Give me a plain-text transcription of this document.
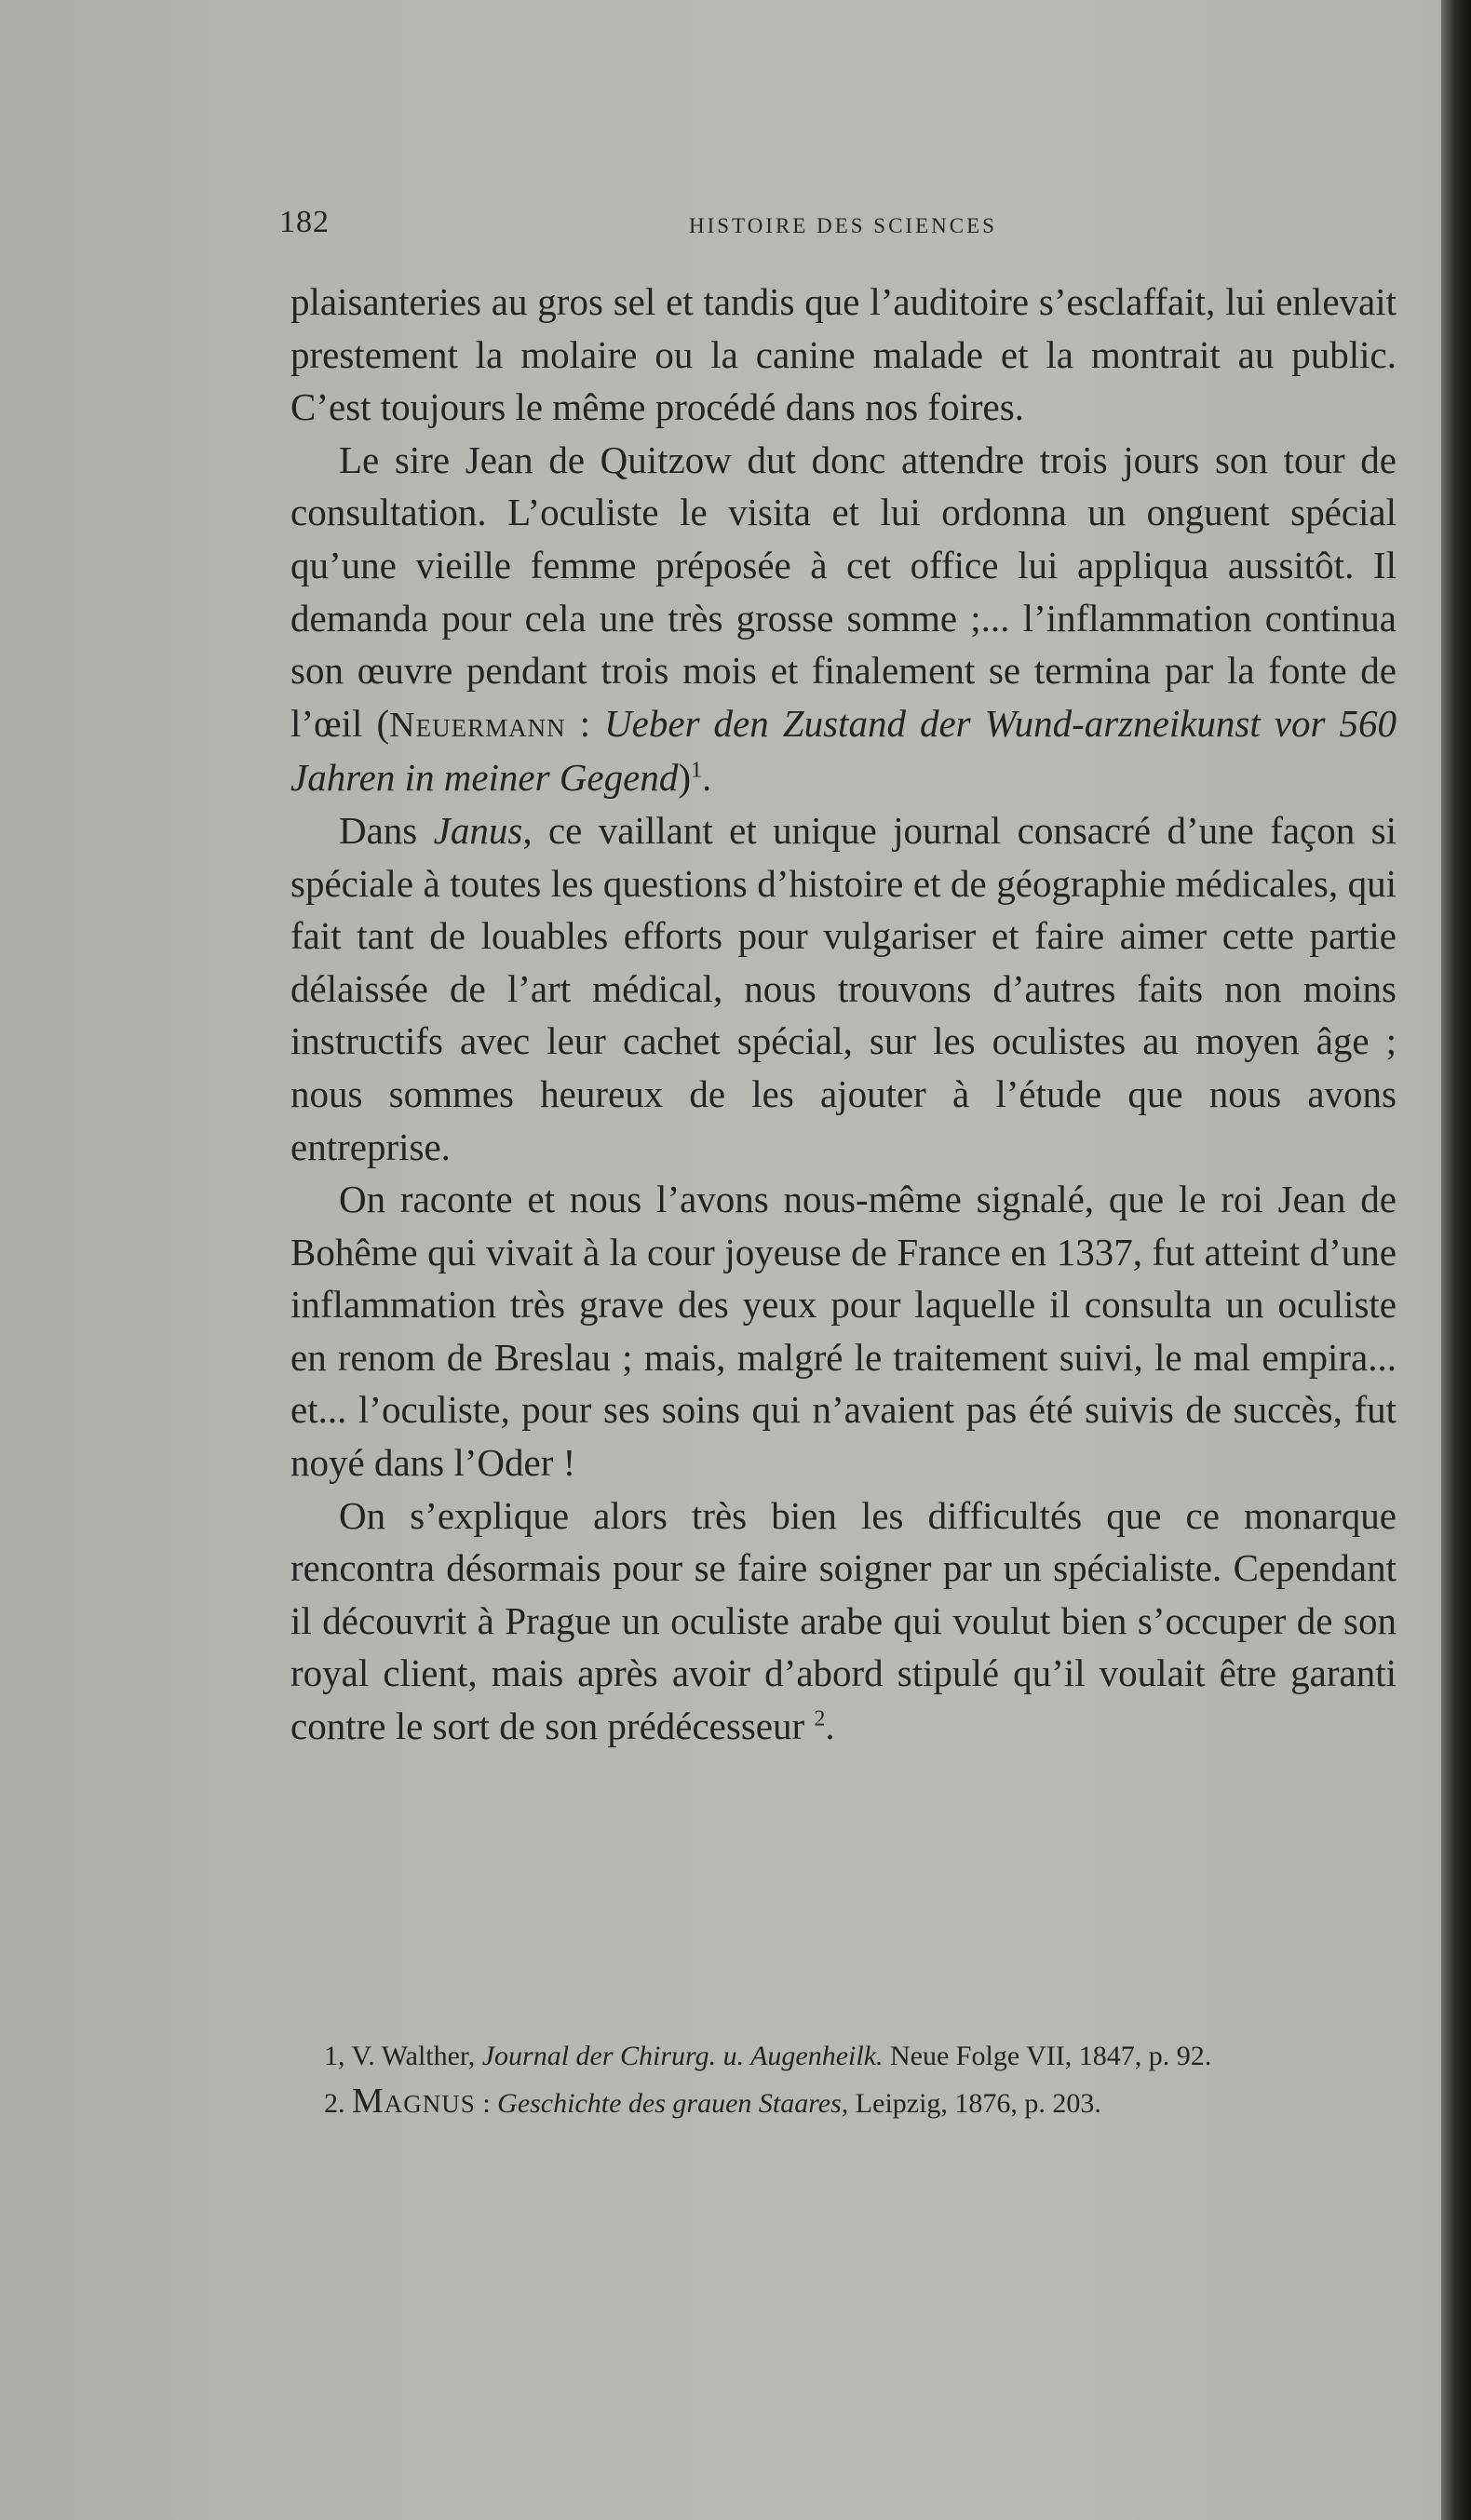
182	HISTOIRE DES SCIENCES

plaisanteries au gros sel et tandis que l’auditoire s’esclaffait, lui enlevait prestement la molaire ou la canine malade et la montrait au public. C’est toujours le même procédé dans nos foires.

Le sire Jean de Quitzow dut donc attendre trois jours son tour de consultation. L’oculiste le visita et lui ordonna un onguent spécial qu’une vieille femme préposée à cet office lui appliqua aussitôt. Il demanda pour cela une très grosse somme ;... l’inflammation continua son œuvre pendant trois mois et finalement se termina par la fonte de l’œil (Neuermann : Ueber den Zustand der Wund-arzneikunst vor 560 Jahren in meiner Gegend)$^1$.

Dans Janus, ce vaillant et unique journal consacré d’une façon si spéciale à toutes les questions d’histoire et de géographie médicales, qui fait tant de louables efforts pour vulgariser et faire aimer cette partie délaissée de l’art médical, nous trouvons d’autres faits non moins instructifs avec leur cachet spécial, sur les oculistes au moyen âge ; nous sommes heureux de les ajouter à l’étude que nous avons entreprise.

On raconte et nous l’avons nous-même signalé, que le roi Jean de Bohême qui vivait à la cour joyeuse de France en 1337, fut atteint d’une inflammation très grave des yeux pour laquelle il consulta un oculiste en renom de Breslau ; mais, malgré le traitement suivi, le mal empira... et... l’oculiste, pour ses soins qui n’avaient pas été suivis de succès, fut noyé dans l’Oder !

On s’explique alors très bien les difficultés que ce monarque rencontra désormais pour se faire soigner par un spécialiste. Cependant il découvrit à Prague un oculiste arabe qui voulut bien s’occuper de son royal client, mais après avoir d’abord stipulé qu’il voulait être garanti contre le sort de son prédécesseur $^2$.

1, V. Walther, Journal der Chirurg. u. Augenheilk. Neue Folge VII, 1847, p. 92.

2. Magnus : Geschichte des grauen Staares, Leipzig, 1876, p. 203.
